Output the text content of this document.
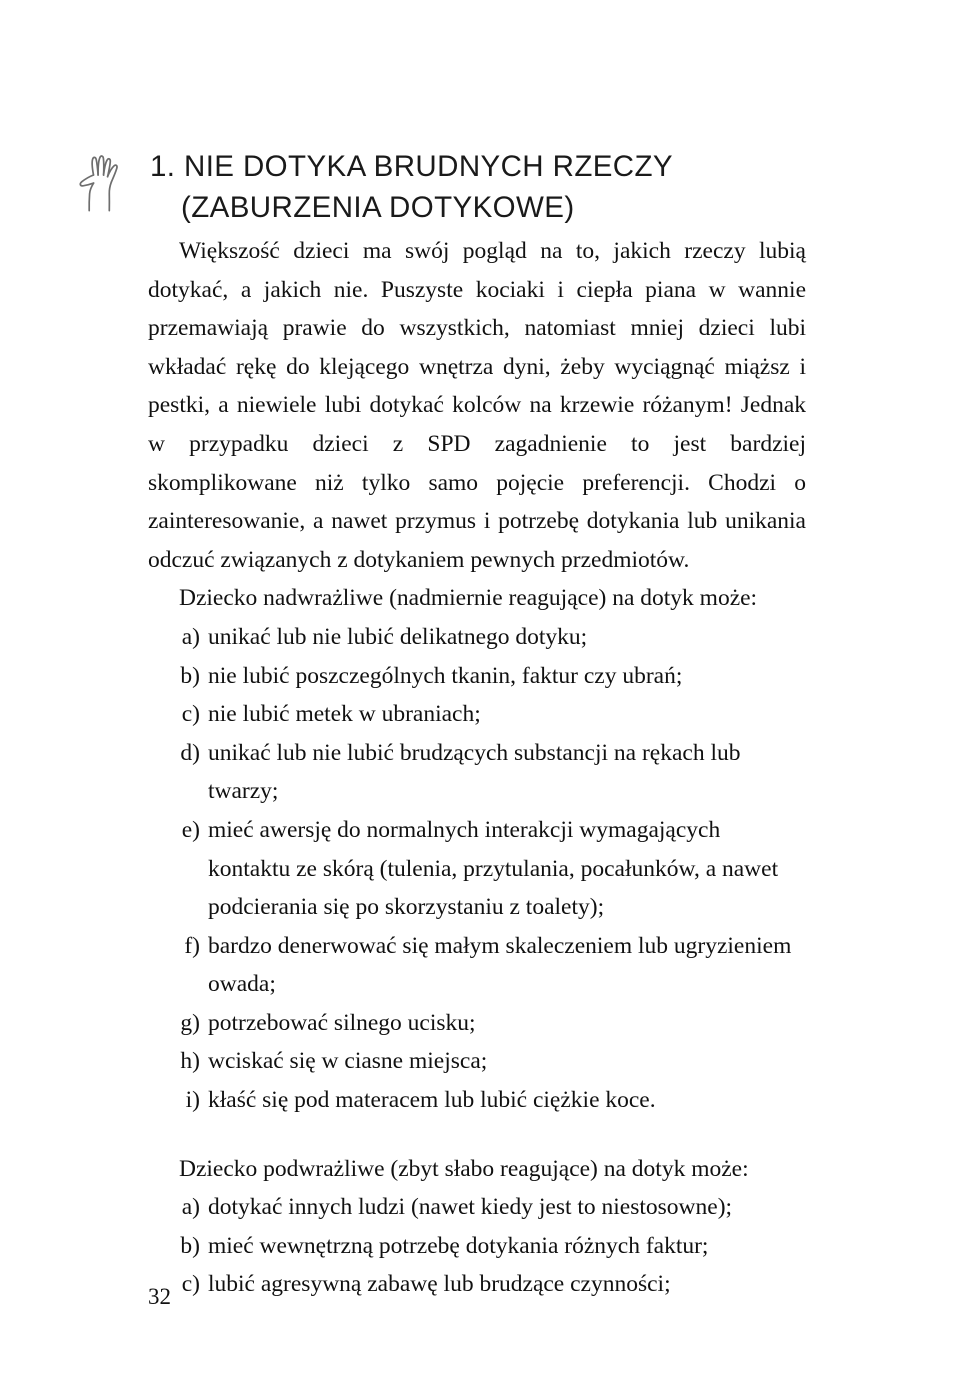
1. NIE DOTYKA BRUDNYCH RZECZY
(ZABURZENIA DOTYKOWE)

Większość dzieci ma swój pogląd na to, jakich rzeczy lubią dotykać, a jakich nie. Puszyste kociaki i ciepła piana w wannie przemawiają prawie do wszystkich, natomiast mniej dzieci lubi wkładać rękę do klejącego wnętrza dyni, żeby wyciągnąć miąższ i pestki, a niewiele lubi dotykać kolców na krzewie różanym! Jednak w przypadku dzieci z SPD zagadnienie to jest bardziej skomplikowane niż tylko samo pojęcie preferencji. Chodzi o zainteresowanie, a nawet przymus i potrzebę dotykania lub unikania odczuć związanych z dotykaniem pewnych przedmiotów.

Dziecko nadwrażliwe (nadmiernie reagujące) na dotyk może:

a) unikać lub nie lubić delikatnego dotyku;
b) nie lubić poszczególnych tkanin, faktur czy ubrań;
c) nie lubić metek w ubraniach;
d) unikać lub nie lubić brudzących substancji na rękach lub twarzy;
e) mieć awersję do normalnych interakcji wymagających kontaktu ze skórą (tulenia, przytulania, pocałunków, a nawet podcierania się po skorzystaniu z toalety);
f) bardzo denerwować się małym skaleczeniem lub ugryzieniem owada;
g) potrzebować silnego ucisku;
h) wciskać się w ciasne miejsca;
i) kłaść się pod materacem lub lubić ciężkie koce.

Dziecko podwrażliwe (zbyt słabo reagujące) na dotyk może:

a) dotykać innych ludzi (nawet kiedy jest to niestosowne);
b) mieć wewnętrzną potrzebę dotykania różnych faktur;
c) lubić agresywną zabawę lub brudzące czynności;
32
